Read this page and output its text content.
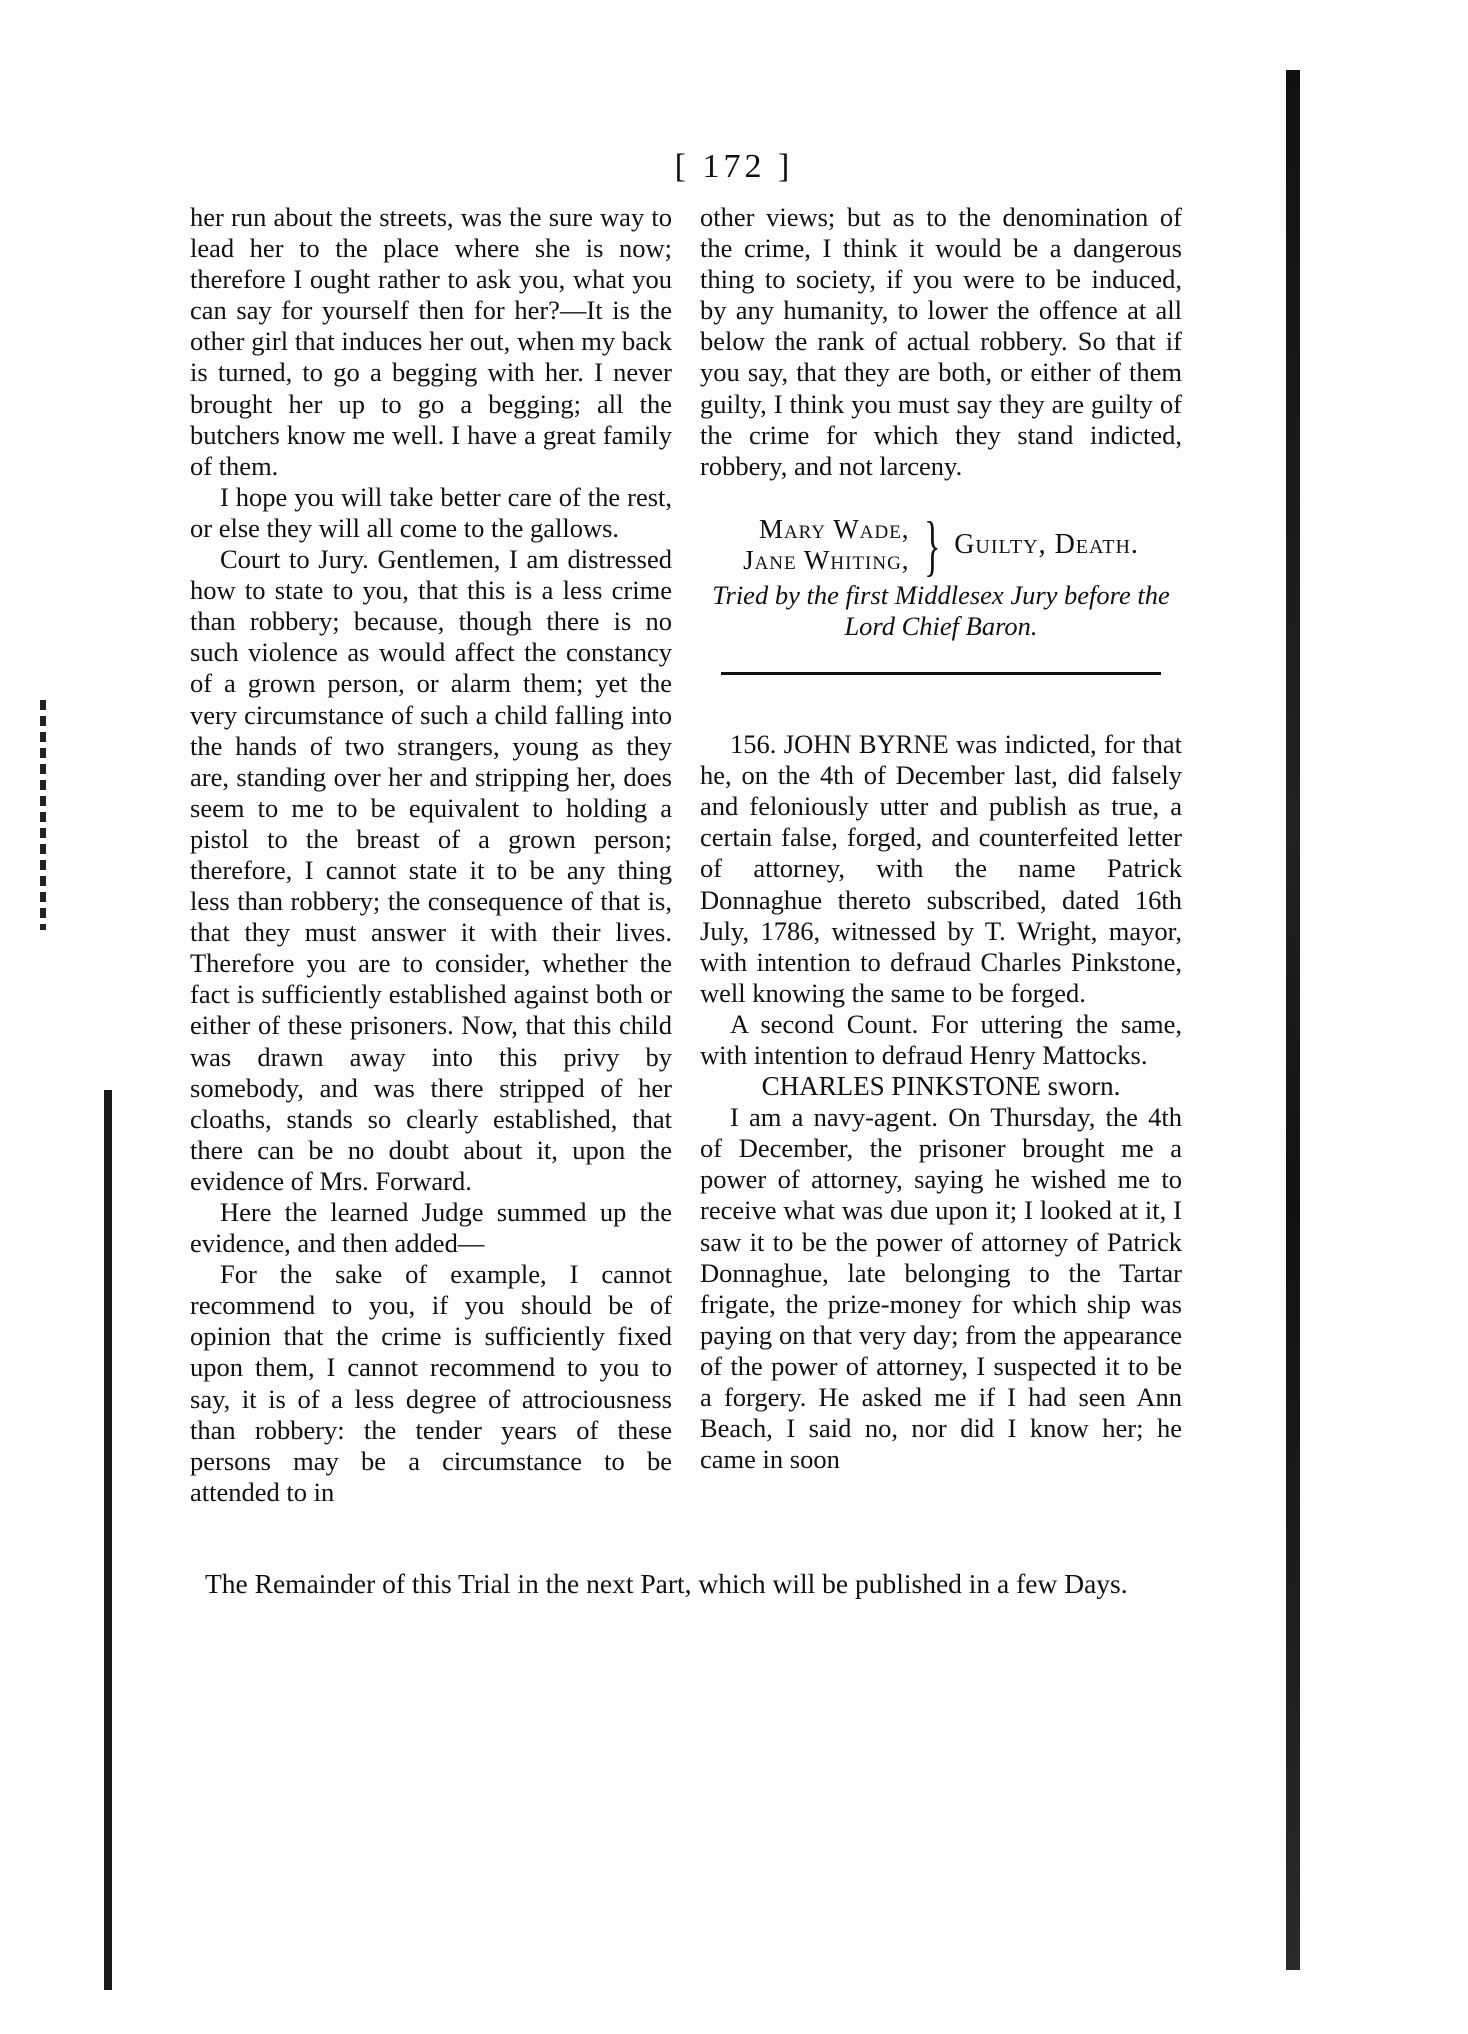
[ 172 ]

her run about the streets, was the sure way to lead her to the place where she is now; therefore I ought rather to ask you, what you can say for yourself then for her?—It is the other girl that induces her out, when my back is turned, to go a begging with her. I never brought her up to go a begging; all the butchers know me well. I have a great family of them.

I hope you will take better care of the rest, or else they will all come to the gallows.

Court to Jury. Gentlemen, I am distressed how to state to you, that this is a less crime than robbery; because, though there is no such violence as would affect the constancy of a grown person, or alarm them; yet the very circumstance of such a child falling into the hands of two strangers, young as they are, standing over her and stripping her, does seem to me to be equivalent to holding a pistol to the breast of a grown person; therefore, I cannot state it to be any thing less than robbery; the consequence of that is, that they must answer it with their lives. Therefore you are to consider, whether the fact is sufficiently established against both or either of these prisoners. Now, that this child was drawn away into this privy by somebody, and was there stripped of her cloaths, stands so clearly established, that there can be no doubt about it, upon the evidence of Mrs. Forward.

Here the learned Judge summed up the evidence, and then added—

For the sake of example, I cannot recommend to you, if you should be of opinion that the crime is sufficiently fixed upon them, I cannot recommend to you to say, it is of a less degree of attrociousness than robbery: the tender years of these persons may be a circumstance to be attended to in

other views; but as to the denomination of the crime, I think it would be a dangerous thing to society, if you were to be induced, by any humanity, to lower the offence at all below the rank of actual robbery. So that if you say, that they are both, or either of them guilty, I think you must say they are guilty of the crime for which they stand indicted, robbery, and not larceny.

Mary Wade,
Jane Whiting, } Guilty, Death.

Tried by the first Middlesex Jury before the Lord Chief Baron.

156. JOHN BYRNE was indicted, for that he, on the 4th of December last, did falsely and feloniously utter and publish as true, a certain false, forged, and counterfeited letter of attorney, with the name Patrick Donnaghue thereto subscribed, dated 16th July, 1786, witnessed by T. Wright, mayor, with intention to defraud Charles Pinkstone, well knowing the same to be forged.

A second Count. For uttering the same, with intention to defraud Henry Mattocks.

CHARLES PINKSTONE sworn.

I am a navy-agent. On Thursday, the 4th of December, the prisoner brought me a power of attorney, saying he wished me to receive what was due upon it; I looked at it, I saw it to be the power of attorney of Patrick Donnaghue, late belonging to the Tartar frigate, the prize-money for which ship was paying on that very day; from the appearance of the power of attorney, I suspected it to be a forgery. He asked me if I had seen Ann Beach, I said no, nor did I know her; he came in soon

The Remainder of this Trial in the next Part, which will be published in a few Days.
